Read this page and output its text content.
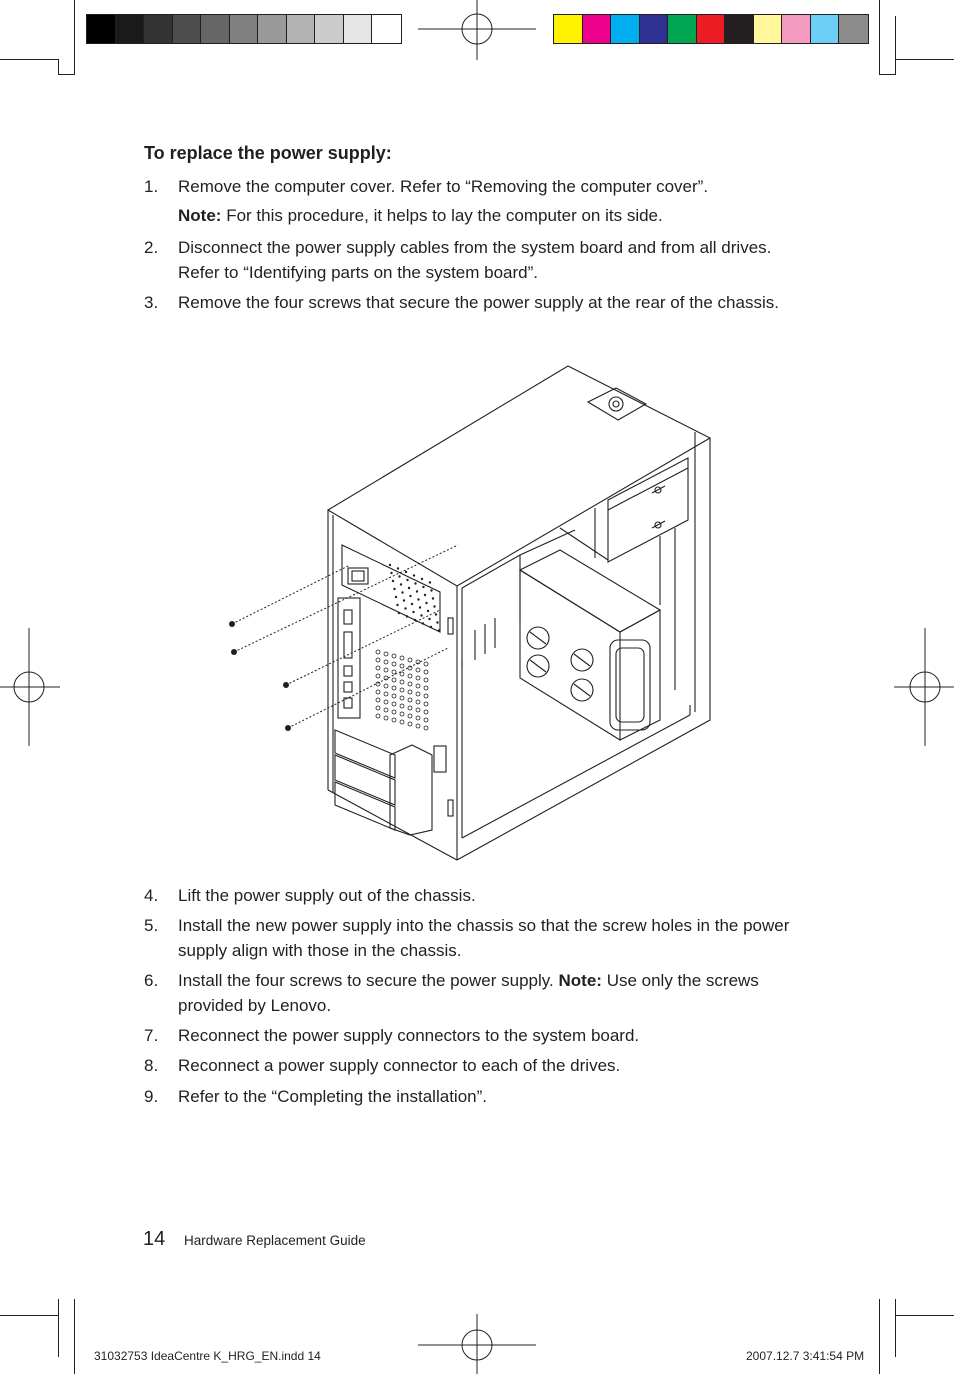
To replace the power supply:
1. Remove the computer cover. Refer to “Removing the computer cover”.
Note: For this procedure, it helps to lay the computer on its side.
2. Disconnect the power supply cables from the system board and from all drives. Refer to “Identifying parts on the system board”.
3. Remove the four screws that secure the power supply at the rear of the chassis.
4. Lift the power supply out of the chassis.
5. Install the new power supply into the chassis so that the screw holes in the power supply align with those in the chassis.
6. Install the four screws to secure the power supply. Note: Use only the screws provided by Lenovo.
7. Reconnect the power supply connectors to the system board.
8. Reconnect a power supply connector to each of the drives.
9. Refer to the “Completing the installation”.
14 Hardware Replacement Guide
31032753 IdeaCentre K_HRG_EN.indd 14	2007.12.7 3:41:54 PM
